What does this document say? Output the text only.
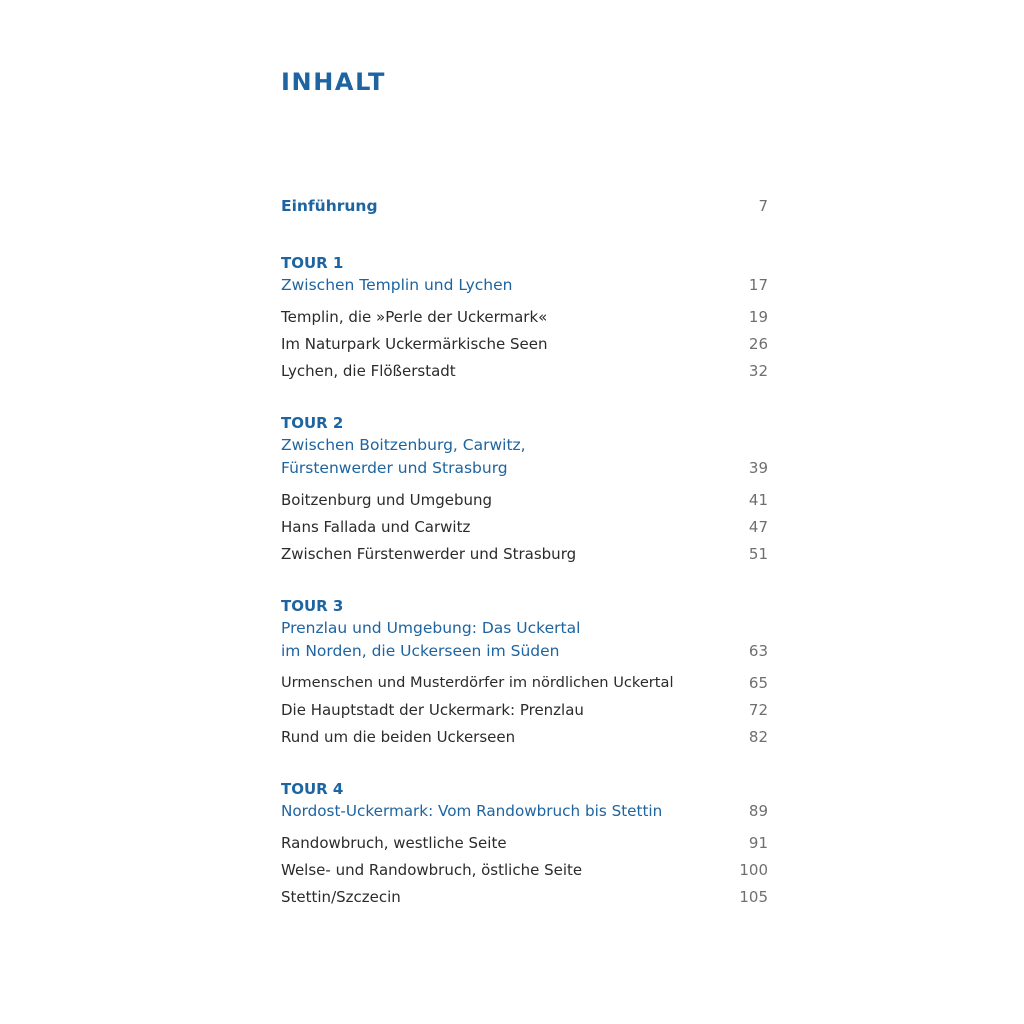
INHALT
Einführung	7
TOUR 1
Zwischen Templin und Lychen	17
Templin, die »Perle der Uckermark«	19
Im Naturpark Uckermärkische Seen	26
Lychen, die Flößerstadt	32
TOUR 2
Zwischen Boitzenburg, Carwitz,
Fürstenwerder und Strasburg	39
Boitzenburg und Umgebung	41
Hans Fallada und Carwitz	47
Zwischen Fürstenwerder und Strasburg	51
TOUR 3
Prenzlau und Umgebung: Das Uckertal
im Norden, die Uckerseen im Süden	63
Urmenschen und Musterdörfer im nördlichen Uckertal	65
Die Hauptstadt der Uckermark: Prenzlau	72
Rund um die beiden Uckerseen	82
TOUR 4
Nordost-Uckermark: Vom Randowbruch bis Stettin	89
Randowbruch, westliche Seite	91
Welse- und Randowbruch, östliche Seite	100
Stettin/Szczecin	105
